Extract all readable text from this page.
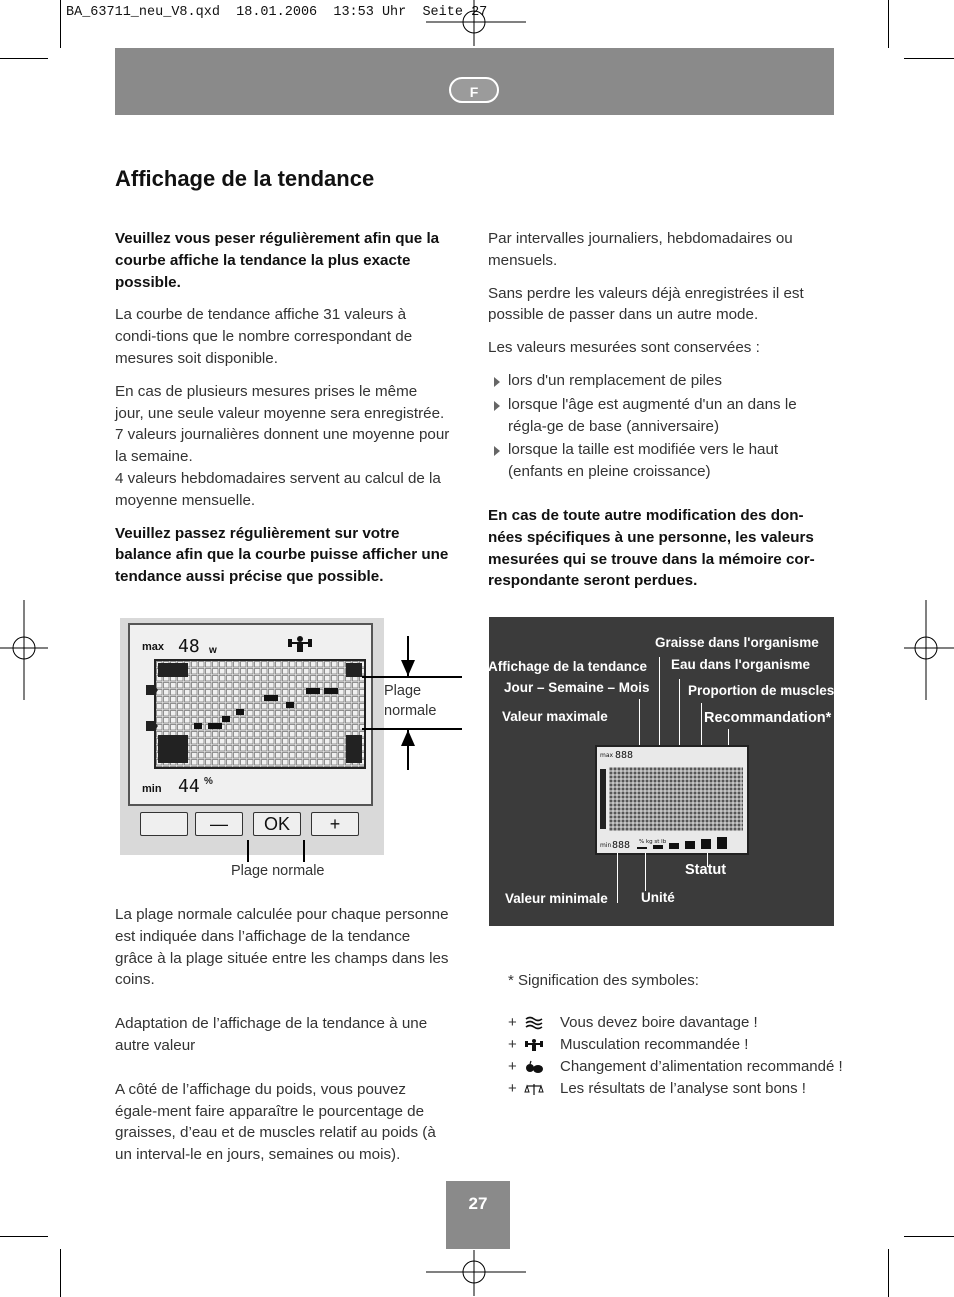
BA_63711_neu_V8.qxd  18.01.2006  13:53 Uhr  Seite 27
F
Affichage de la tendance

Veuillez vous peser régulièrement afin que la courbe affiche la tendance la plus exacte possible.

La courbe de tendance affiche 31 valeurs à condi-tions que le nombre correspondant de mesures soit disponible.

En cas de plusieurs mesures prises le même jour, une seule valeur moyenne sera enregistrée.

7 valeurs journalières donnent une moyenne pour la semaine.

4 valeurs hebdomadaires servent au calcul de la moyenne mensuelle.

Veuillez passez régulièrement sur votre balance afin que la courbe puisse afficher une tendance aussi précise que possible.

Par intervalles journaliers, hebdomadaires ou mensuels.

Sans perdre les valeurs déjà enregistrées il est possible de passer dans un autre mode.

Les valeurs mesurées sont conservées :

lors d'un remplacement de piles
lorsque l'âge est augmenté d'un an dans le régla-ge de base (anniversaire)
lorsque la taille est modifiée vers le haut (enfants en pleine croissance)

En cas de toute autre modification des don-nées spécifiques à une personne, les valeurs mesurées qui se trouve dans la mémoire cor-respondante seront perdues.

max 48 w
min 44 %
—	OK	+
Plage normale
Plage normale
Graisse dans l'organisme
Eau dans l'organisme
Affichage de la tendance
Jour – Semaine – Mois	Proportion de muscles
Valeur maximale	Recommandation*
max 888
min 888 % kg st lb
Statut
Valeur minimale Unité

La plage normale calculée pour chaque personne est indiquée dans l’affichage de la tendance grâce à la plage située entre les champs dans les coins.

Adaptation de l’affichage de la tendance à une autre valeur

A côté de l’affichage du poids, vous pouvez égale-ment faire apparaître le pourcentage de graisses, d’eau et de muscles relatif au poids (à un interval-le en jours, semaines ou mois).

* Signification des symboles:
+	Vous devez boire davantage !
+	Musculation recommandée !
+	Changement d’alimentation recommandé !
+	Les résultats de l’analyse sont bons !
27
